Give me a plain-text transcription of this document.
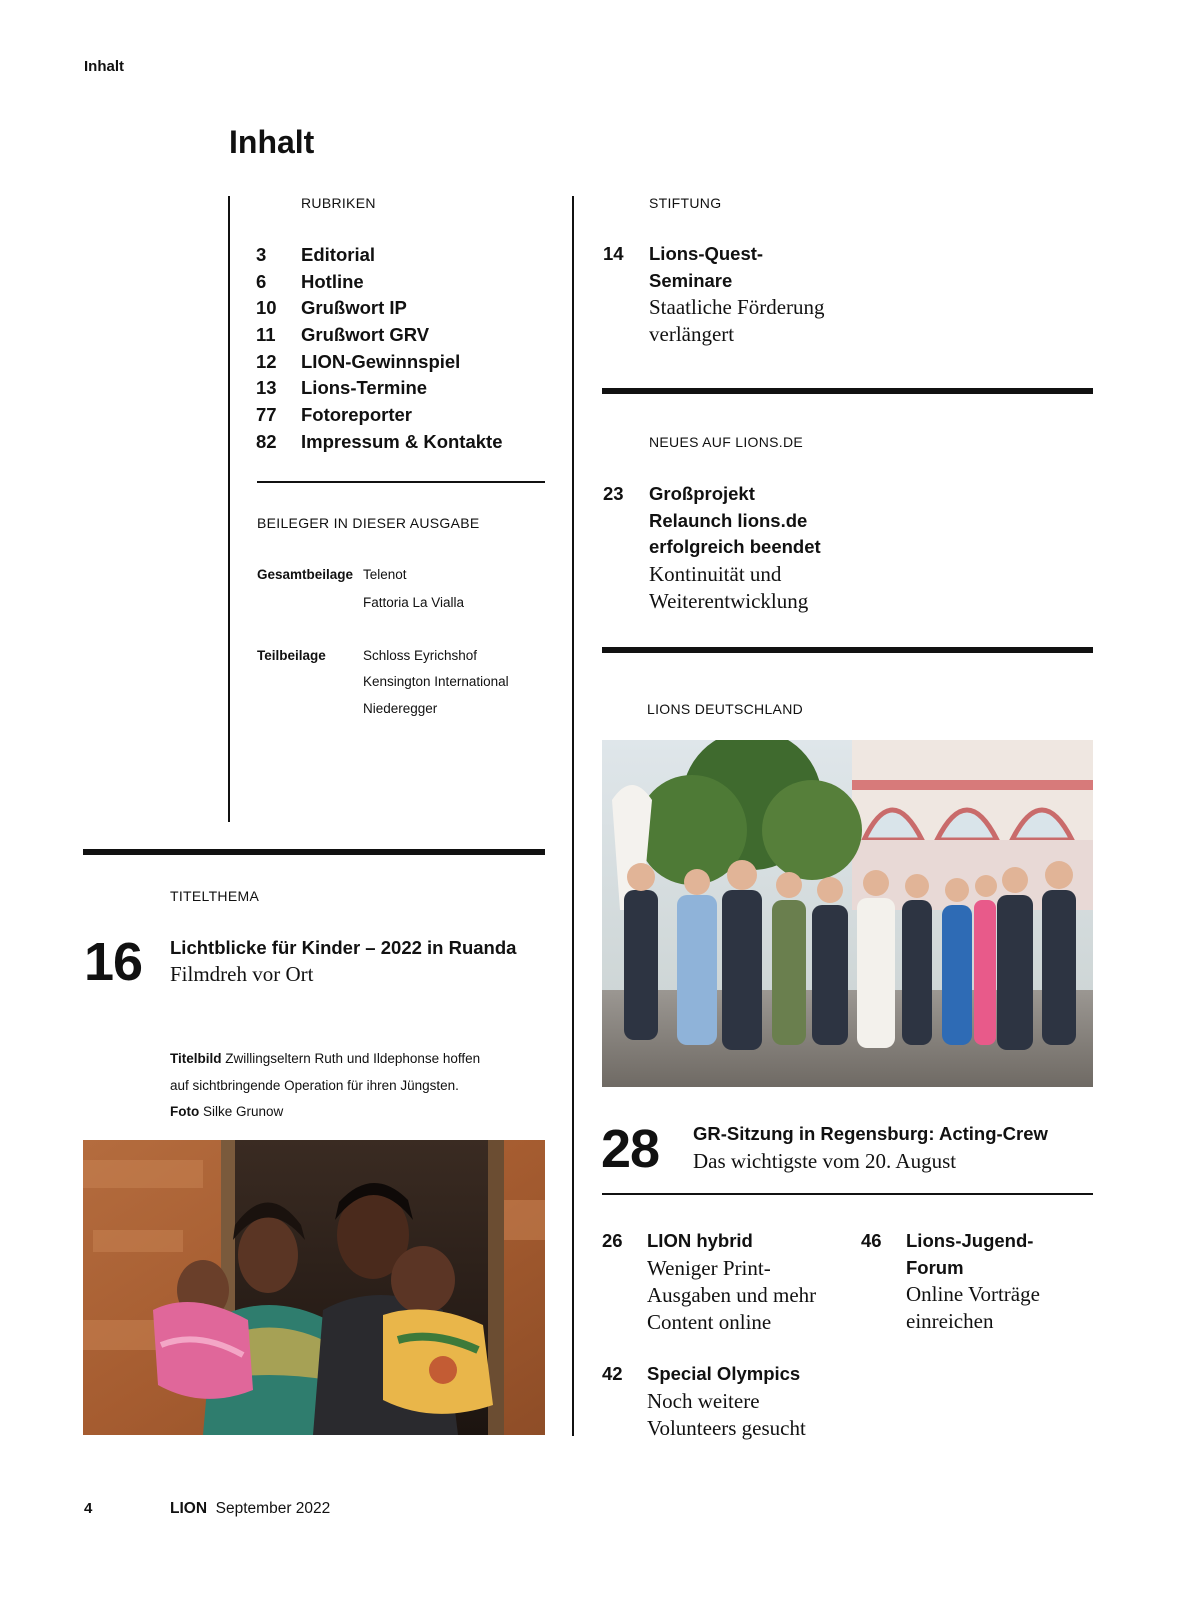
Inhalt
Inhalt
RUBRIKEN
3	Editorial
6	Hotline
10	Grußwort IP
11	Grußwort GRV
12	LION-Gewinnspiel
13	Lions-Termine
77	Fotoreporter
82	Impressum & Kontakte
BEILEGER IN DIESER AUSGABE
Gesamtbeilage Telenot
Fattoria La Vialla
Teilbeilage	Schloss Eyrichshof
Kensington International
Niederegger
TITELTHEMA
16 Lichtblicke für Kinder – 2022 in Ruanda
Filmdreh vor Ort
Titelbild Zwillingseltern Ruth und Ildephonse hoffen
auf sichtbringende Operation für ihren Jüngsten.
Foto Silke Grunow
STIFTUNG
14 Lions-Quest-
Seminare
Staatliche Förderung
verlängert
NEUES AUF LIONS.DE
23 Großprojekt
Relaunch lions.de
erfolgreich beendet
Kontinuität und
Weiterentwicklung
LIONS DEUTSCHLAND
28 GR-Sitzung in Regensburg: Acting-Crew
Das wichtigste vom 20. August
26 LION hybrid
Weniger Print-
Ausgaben und mehr
Content online
46 Lions-Jugend-
Forum
Online Vorträge
einreichen
42 Special Olympics
Noch weitere
Volunteers gesucht
4	LION September 2022
